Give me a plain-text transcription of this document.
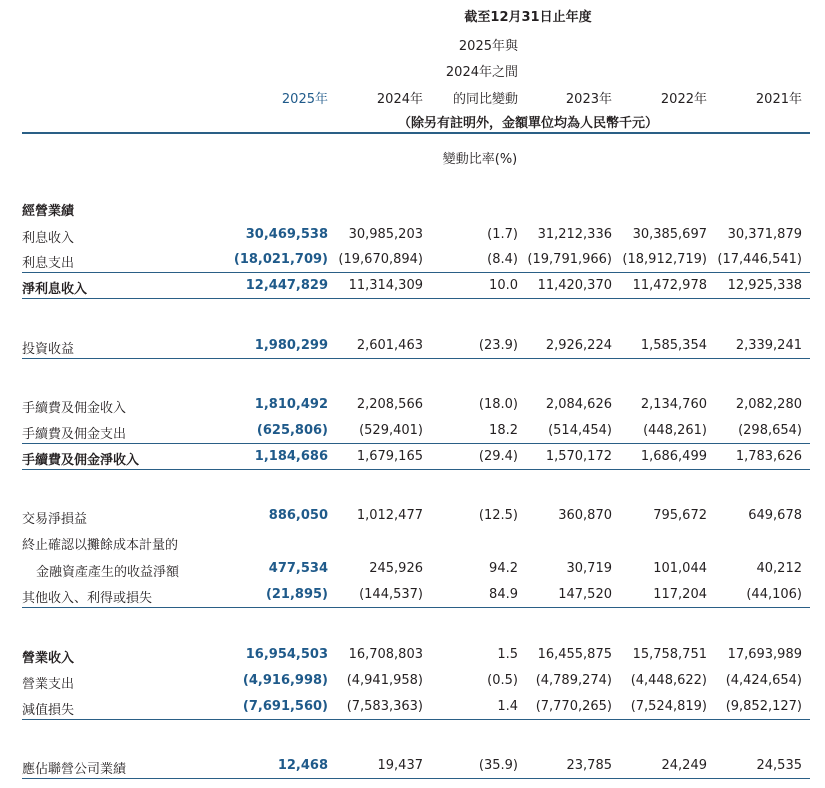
截至12月31日止年度
2025年與
2024年之間
的同比變動
2025年	2024年	2023年	2022年	2021年
（除另有註明外，金額單位均為人民幣千元）
變動比率(%)
經營業績
利息收入	30,469,538 30,985,203	(1.7) 31,212,336 30,385,697 30,371,879
利息支出	(18,021,709) (19,670,894)	(8.4) (19,791,966) (18,912,719) (17,446,541)
淨利息收入	12,447,829 11,314,309	10.0 11,420,370 11,472,978 12,925,338
投資收益	1,980,299 2,601,463	(23.9) 2,926,224 1,585,354 2,339,241
手續費及佣金收入	1,810,492 2,208,566	(18.0) 2,084,626 2,134,760 2,082,280
手續費及佣金支出	(625,806) (529,401)	18.2 (514,454) (448,261) (298,654)
手續費及佣金淨收入	1,184,686 1,679,165	(29.4) 1,570,172 1,686,499 1,783,626
交易淨損益	886,050 1,012,477	(12.5)	360,870	795,672	649,678
終止確認以攤餘成本計量的
金融資產產生的收益淨額	477,534	245,926	94.2	30,719	101,044	40,212
其他收入、利得或損失	(21,895) (144,537)	84.9	147,520	117,204	(44,106)
營業收入	16,954,503 16,708,803	1.5 16,455,875 15,758,751 17,693,989
營業支出	(4,916,998) (4,941,958)	(0.5) (4,789,274) (4,448,622) (4,424,654)
減值損失	(7,691,560) (7,583,363)	1.4 (7,770,265) (7,524,819) (9,852,127)
應佔聯營公司業績	12,468	19,437	(35.9)	23,785	24,249	24,535
